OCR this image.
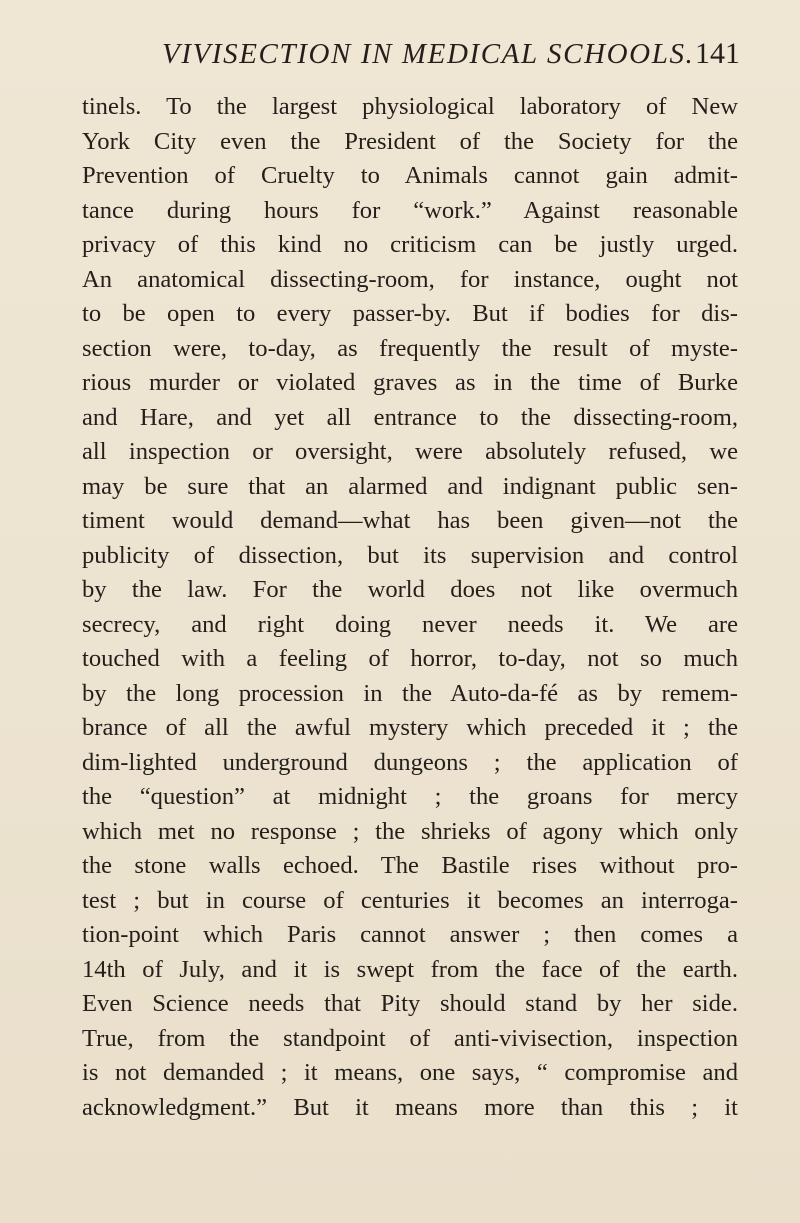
VIVISECTION IN MEDICAL SCHOOLS. 141
tinels. To the largest physiological laboratory of New
York City even the President of the Society for the
Prevention of Cruelty to Animals cannot gain admit-
tance during hours for “work.” Against reasonable
privacy of this kind no criticism can be justly urged.
An anatomical dissecting-room, for instance, ought not
to be open to every passer-by. But if bodies for dis-
section were, to-day, as frequently the result of myste-
rious murder or violated graves as in the time of Burke
and Hare, and yet all entrance to the dissecting-room,
all inspection or oversight, were absolutely refused, we
may be sure that an alarmed and indignant public sen-
timent would demand—what has been given—not the
publicity of dissection, but its supervision and control
by the law. For the world does not like overmuch
secrecy, and right doing never needs it. We are
touched with a feeling of horror, to-day, not so much
by the long procession in the Auto-da-fé as by remem-
brance of all the awful mystery which preceded it ; the
dim-lighted underground dungeons ; the application of
the “question” at midnight ; the groans for mercy
which met no response ; the shrieks of agony which only
the stone walls echoed. The Bastile rises without pro-
test ; but in course of centuries it becomes an interroga-
tion-point which Paris cannot answer ; then comes a
14th of July, and it is swept from the face of the earth.
Even Science needs that Pity should stand by her side.
True, from the standpoint of anti-vivisection, inspection
is not demanded ; it means, one says, “ compromise and
acknowledgment.” But it means more than this ; it
